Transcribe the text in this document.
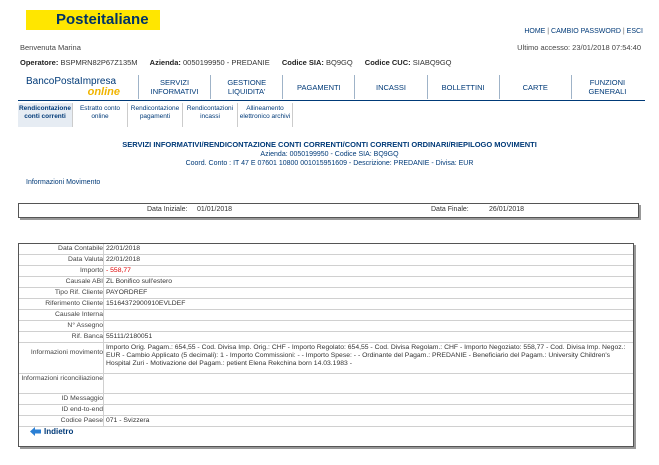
Posteitaliane
HOME | CAMBIO PASSWORD | ESCI
Benvenuta Marina	Ultimo accesso: 23/01/2018 07:54:40
Operatore: BSPMRN82P67Z135M Azienda: 0050199950 - PREDANIE Codice SIA: BQ9GQ Codice CUC: SIABQ9GQ
BancoPostaImpresa
online
SERVIZI INFORMATIVI
GESTIONE LIQUIDITA'	PAGAMENTI	INCASSI	BOLLETTINI	CARTE	FUNZIONI GENERALI
Rendicontazione conti correnti
Estratto conto online
Rendicontazione pagamenti
Rendicontazioni incassi
Allineamento elettronico archivi
SERVIZI INFORMATIVI/RENDICONTAZIONE CONTI CORRENTI/CONTI CORRENTI ORDINARI/RIEPILOGO MOVIMENTI
Azienda: 0050199950 - Codice SIA: BQ9GQ
Coord. Conto : IT 47 E 07601 10800 001015951609 - Descrizione: PREDANIE - Divisa: EUR
Informazioni Movimento
Data Iniziale: 01/01/2018	Data Finale:	26/01/2018
Data Contabile 22/01/2018
Data Valuta 22/01/2018
Importo - 558,77
Causale ABI ZL Bonifico sull'estero
Tipo Rif. Cliente PAYORDREF
Riferimento Cliente 15164372900910EVLDEF
Causale Interna
N° Assegno
Rif. Banca 55111/2180051
Informazioni movimento
Importo Orig. Pagam.: 654,55 - Cod. Divisa Imp. Orig.: CHF - Importo Regolato: 654,55 - Cod. Divisa Regolam.: CHF - Importo Negoziato: 558,77 - Cod. Divisa Imp. Negoz.: EUR - Cambio Applicato (5 decimali): 1 - Importo Commissioni: - - Importo Spese: - - Ordinante del Pagam.: PREDANIE - Beneficiario del Pagam.: University Children's Hospital Zuri - Motivazione del Pagam.: petient Elena Rekchina born 14.03.1983 -
Informazioni riconciliazione
ID Messaggio
ID end-to-end
Codice Paese 071 - Svizzera
Indietro
